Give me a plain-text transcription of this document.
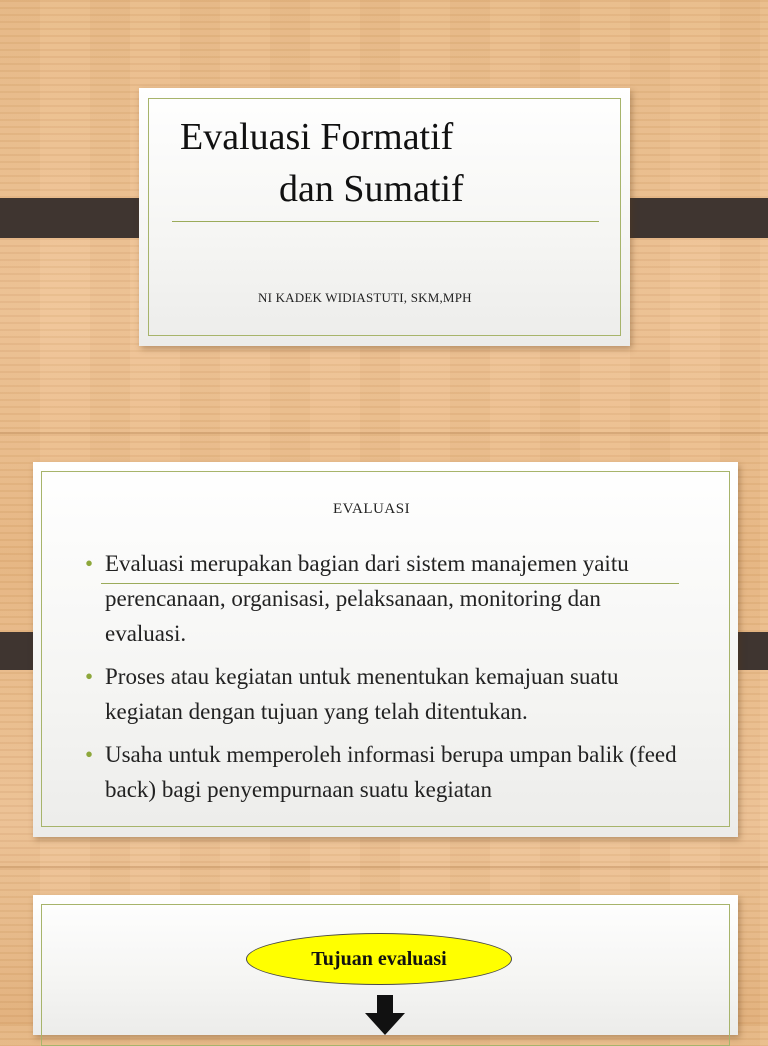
Evaluasi Formatif
dan Sumatif
NI KADEK WIDIASTUTI, SKM,MPH
EVALUASI
• Evaluasi merupakan bagian dari sistem manajemen yaitu perencanaan, organisasi, pelaksanaan, monitoring dan evaluasi.
• Proses atau kegiatan untuk menentukan kemajuan suatu kegiatan dengan tujuan yang telah ditentukan.
• Usaha untuk memperoleh informasi berupa umpan balik (feed back) bagi penyempurnaan suatu kegiatan
Tujuan evaluasi
